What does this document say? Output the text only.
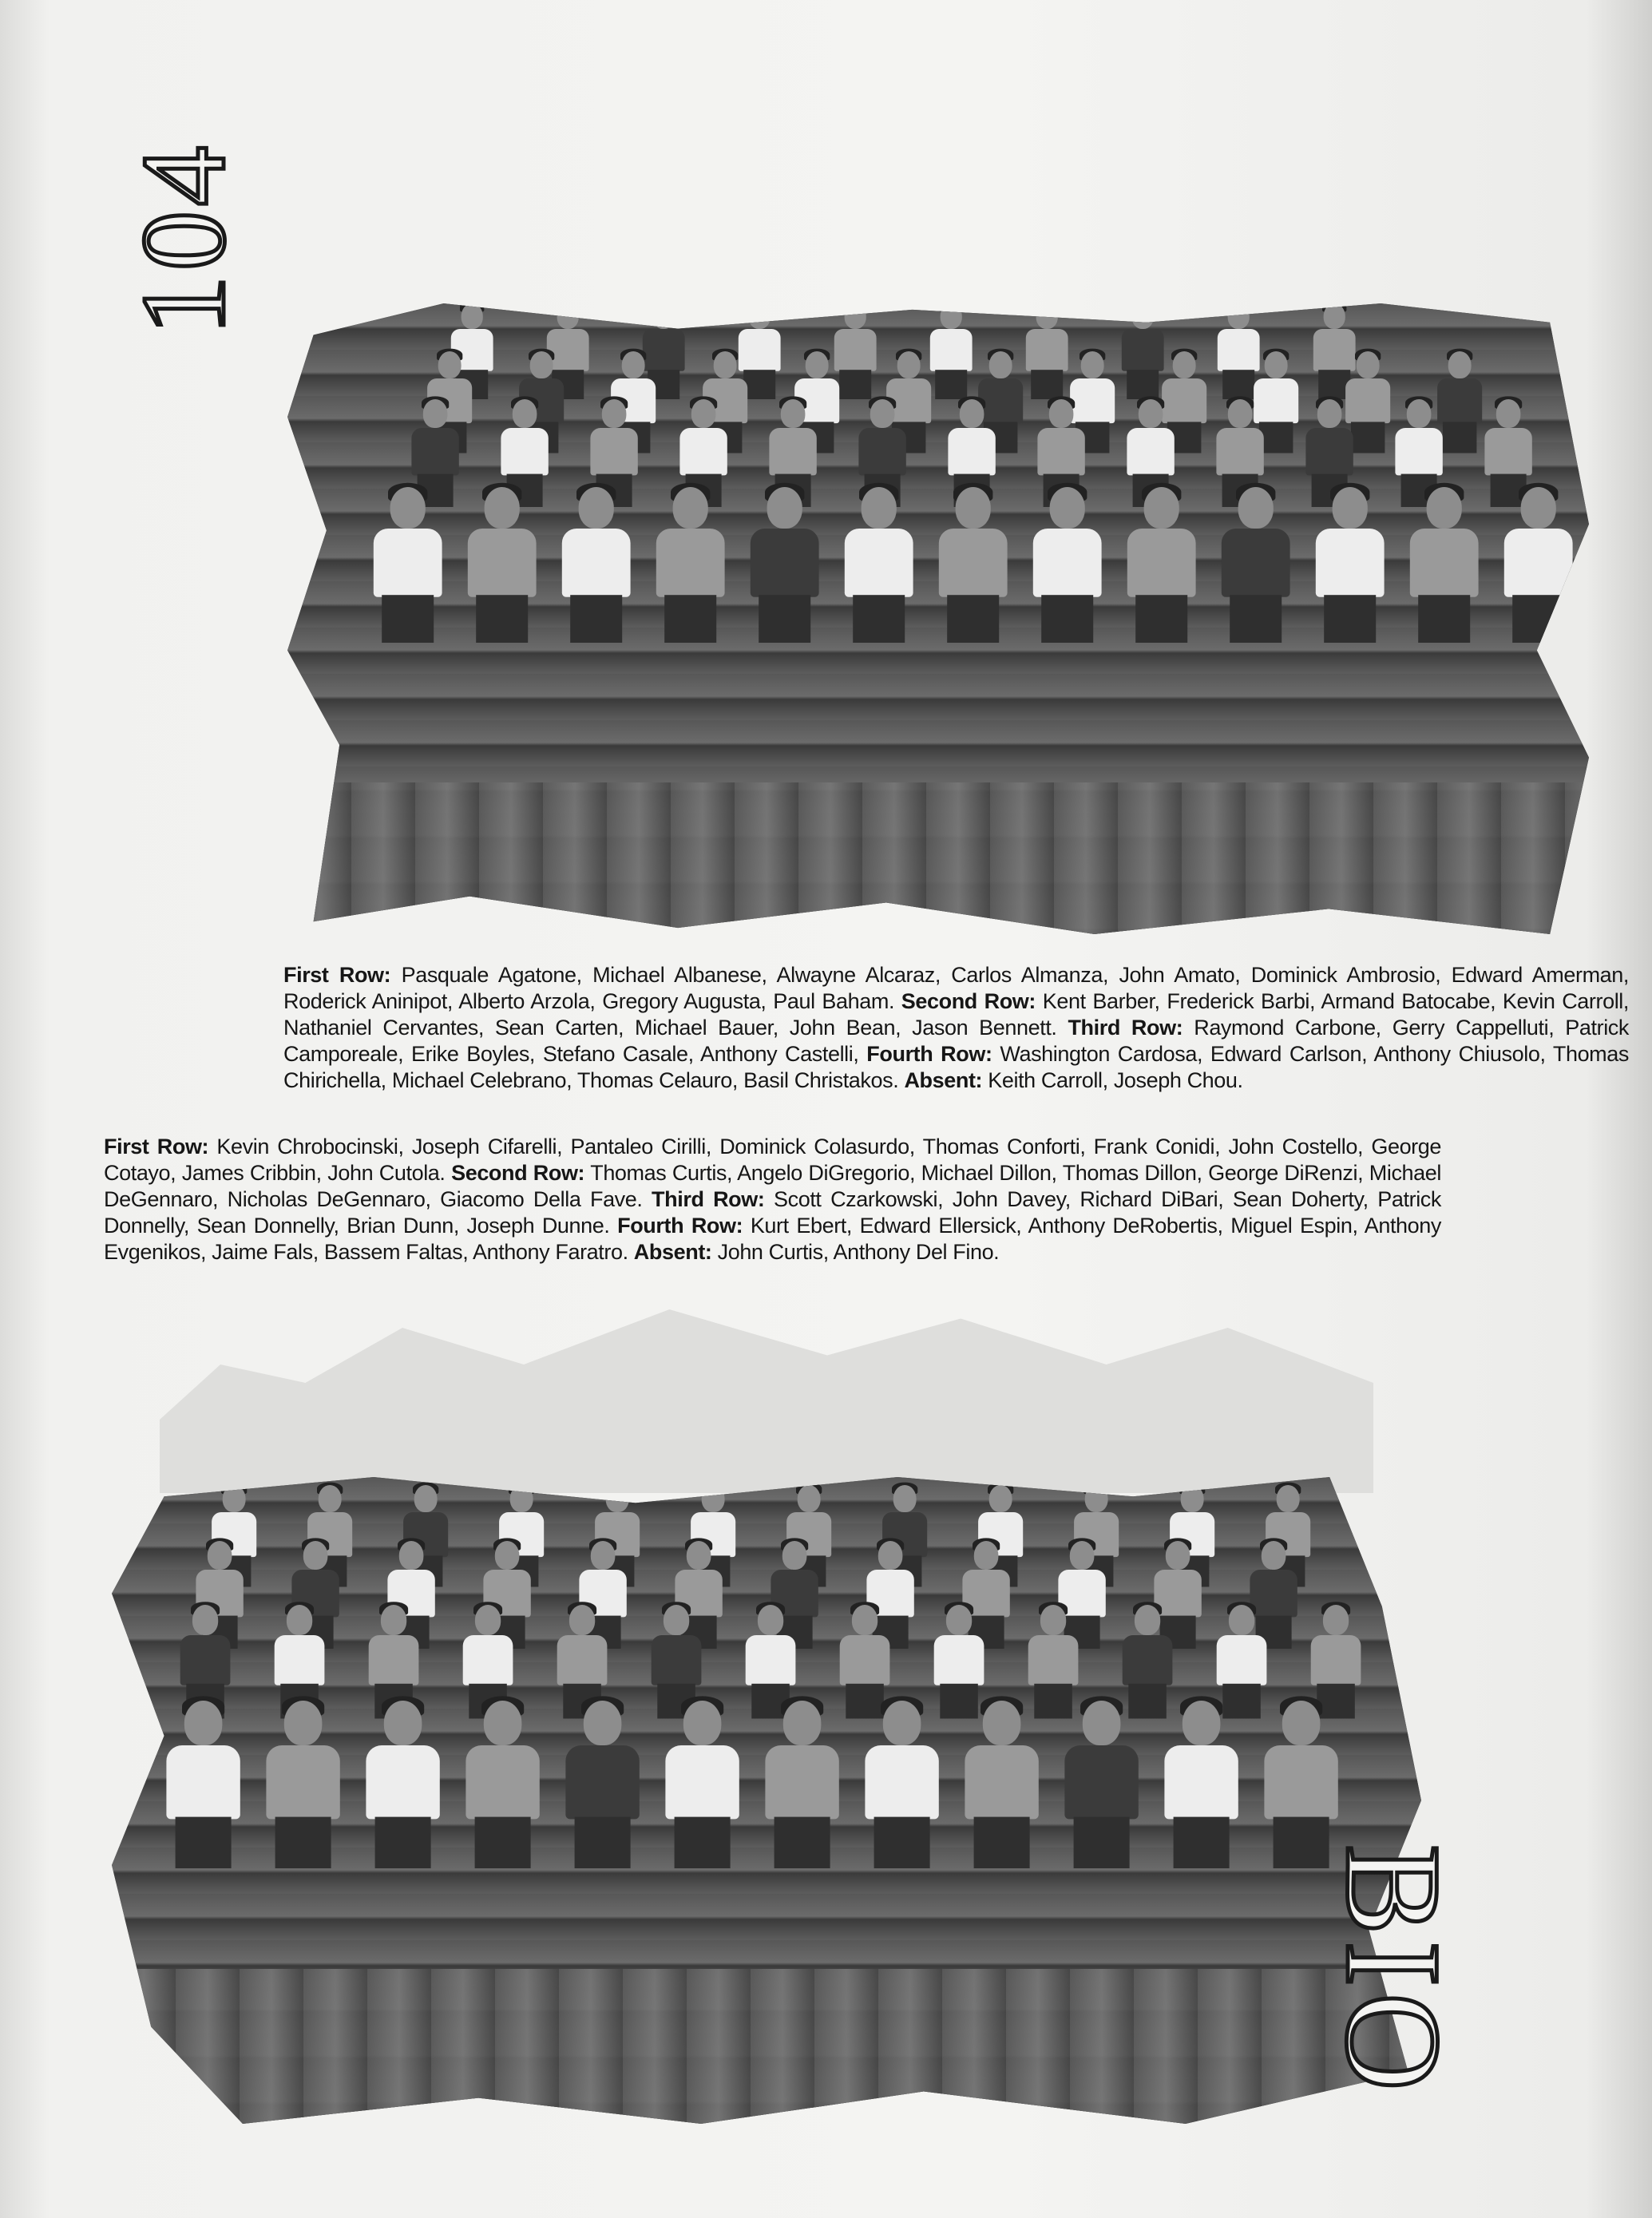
104
First Row: Pasquale Agatone, Michael Albanese, Alwayne Alcaraz, Carlos Almanza, John Amato, Dominick Ambrosio, Edward Amerman, Roderick Aninipot, Alberto Arzola, Gregory Augusta, Paul Baham. Second Row: Kent Barber, Frederick Barbi, Armand Batocabe, Kevin Carroll, Nathaniel Cervantes, Sean Carten, Michael Bauer, John Bean, Jason Bennett. Third Row: Raymond Carbone, Gerry Cappelluti, Patrick Camporeale, Erike Boyles, Stefano Casale, Anthony Castelli, Fourth Row: Washington Cardosa, Edward Carlson, Anthony Chiusolo, Thomas Chirichella, Michael Celebrano, Thomas Celauro, Basil Christakos. Absent: Keith Carroll, Joseph Chou.
First Row: Kevin Chrobocinski, Joseph Cifarelli, Pantaleo Cirilli, Dominick Colasurdo, Thomas Conforti, Frank Conidi, John Costello, George Cotayo, James Cribbin, John Cutola. Second Row: Thomas Curtis, Angelo DiGregorio, Michael Dillon, Thomas Dillon, George DiRenzi, Michael DeGennaro, Nicholas DeGennaro, Giacomo Della Fave. Third Row: Scott Czarkowski, John Davey, Richard DiBari, Sean Doherty, Patrick Donnelly, Sean Donnelly, Brian Dunn, Joseph Dunne. Fourth Row: Kurt Ebert, Edward Ellersick, Anthony DeRobertis, Miguel Espin, Anthony Evgenikos, Jaime Fals, Bassem Faltas, Anthony Faratro. Absent: John Curtis, Anthony Del Fino.
BIO
